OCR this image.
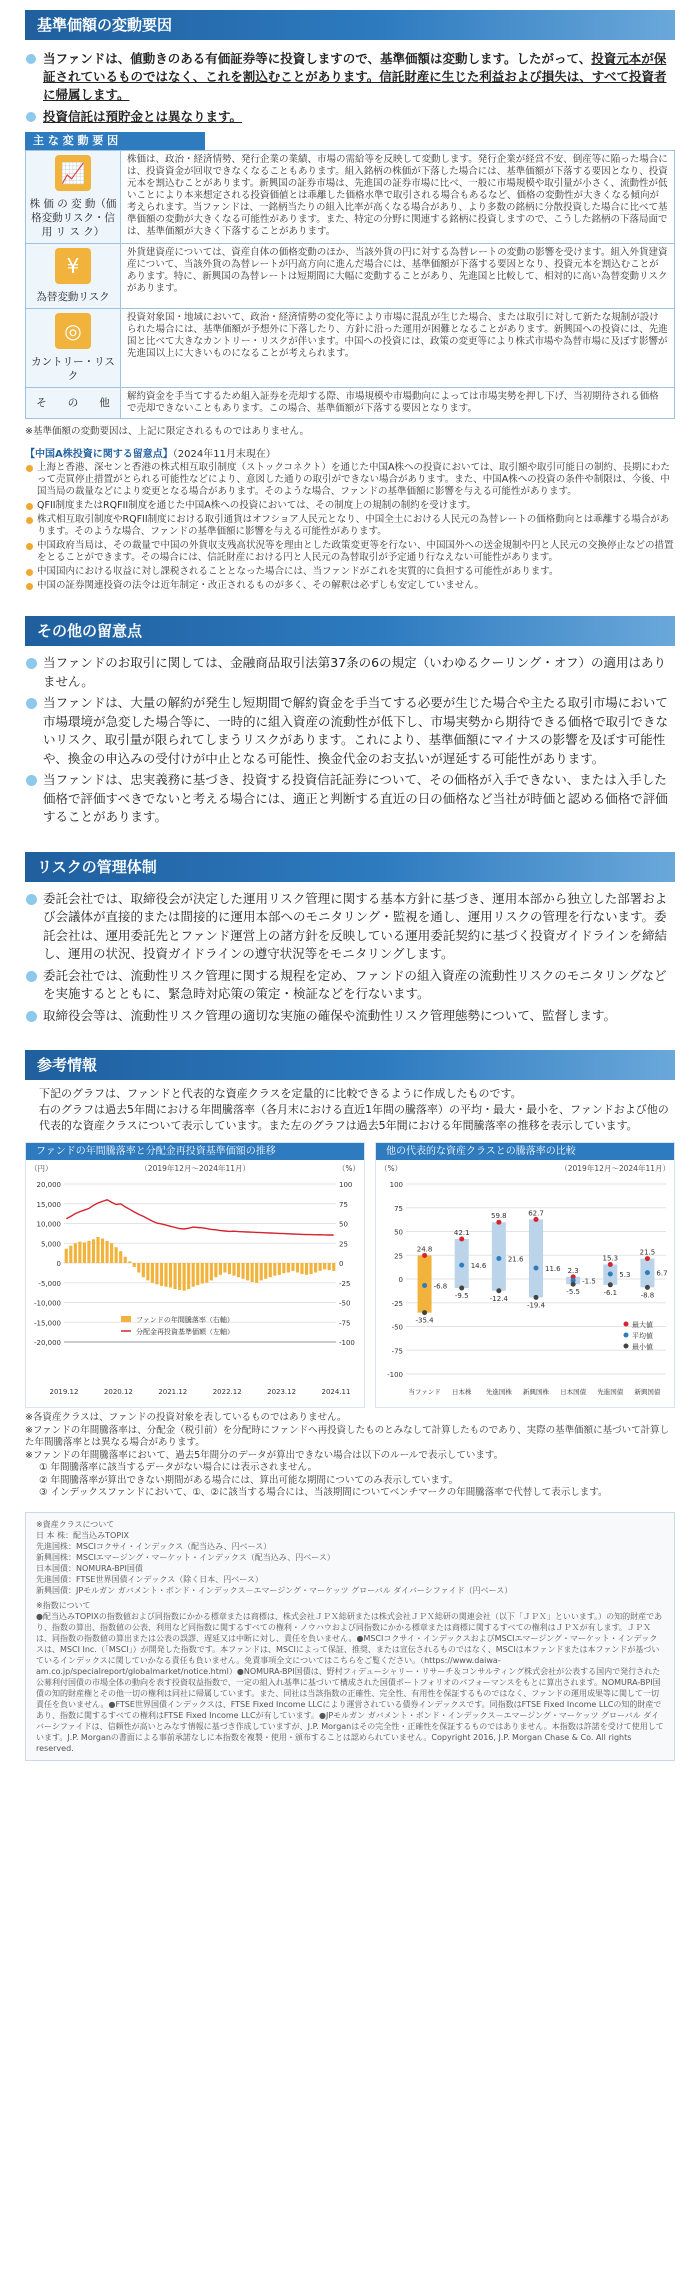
基準価額の変動要因
当ファンドは、値動きのある有価証券等に投資しますので、基準価額は変動します。したがって、投資元本が保証されているものではなく、これを割込むことがあります。信託財産に生じた利益および損失は、すべて投資者に帰属します。
投資信託は預貯金とは異なります。
主 な 変 動 要 因
📈
株 価 の 変 動（価格変動リスク・信 用 リ ス ク）	株価は、政治・経済情勢、発行企業の業績、市場の需給等を反映して変動します。発行企業が経営不安、倒産等に陥った場合には、投資資金が回収できなくなることもあります。組入銘柄の株価が下落した場合には、基準価額が下落する要因となり、投資元本を割込むことがあります。新興国の証券市場は、先進国の証券市場に比べ、一般に市場規模や取引量が小さく、流動性が低いことにより本来想定される投資価値とは乖離した価格水準で取引される場合もあるなど、価格の変動性が大きくなる傾向が考えられます。当ファンドは、一銘柄当たりの組入比率が高くなる場合があり、より多数の銘柄に分散投資した場合に比べて基準価額の変動が大きくなる可能性があります。また、特定の分野に関連する銘柄に投資しますので、こうした銘柄の下落局面では、基準価額が大きく下落することがあります。

¥
為替変動リスク	外貨建資産については、資産自体の価格変動のほか、当該外貨の円に対する為替レートの変動の影響を受けます。組入外貨建資産について、当該外貨の為替レートが円高方向に進んだ場合には、基準価額が下落する要因となり、投資元本を割込むことがあります。特に、新興国の為替レートは短期間に大幅に変動することがあり、先進国と比較して、相対的に高い為替変動リスクがあります。

◎
カントリー・リスク	投資対象国・地域において、政治・経済情勢の変化等により市場に混乱が生じた場合、または取引に対して新たな規制が設けられた場合には、基準価額が予想外に下落したり、方針に沿った運用が困難となることがあります。新興国への投資には、先進国と比べて大きなカントリー・リスクが伴います。中国への投資には、政策の変更等により株式市場や為替市場に及ぼす影響が先進国以上に大きいものになることが考えられます。

そ　　の　　他	解約資金を手当てするため組入証券を売却する際、市場規模や市場動向によっては市場実勢を押し下げ、当初期待される価格で売却できないこともあります。この場合、基準価額が下落する要因となります。
※基準価額の変動要因は、上記に限定されるものではありません。
【中国A株投資に関する留意点】（2024年11月末現在）
上海と香港、深センと香港の株式相互取引制度（ストックコネクト）を通じた中国A株への投資においては、取引額や取引可能日の制約、長期にわたって売買停止措置がとられる可能性などにより、意図した通りの取引ができない場合があります。また、中国A株への投資の条件や制限は、今後、中国当局の裁量などにより変更となる場合があります。そのような場合、ファンドの基準価額に影響を与える可能性があります。
QFII制度またはRQFII制度を通じた中国A株への投資においては、その制度上の規制の制約を受けます。
株式相互取引制度やRQFII制度における取引通貨はオフショア人民元となり、中国全土における人民元の為替レートの価格動向とは乖離する場合があります。そのような場合、ファンドの基準価額に影響を与える可能性があります。
中国政府当局は、その裁量で中国の外貨収支残高状況等を理由とした政策変更等を行ない、中国国外への送金規制や円と人民元の交換停止などの措置をとることができます。その場合には、信託財産における円と人民元の為替取引が予定通り行なえない可能性があります。
中国国内における収益に対し課税されることとなった場合には、当ファンドがこれを実質的に負担する可能性があります。
中国の証券関連投資の法令は近年制定・改正されるものが多く、その解釈は必ずしも安定していません。
その他の留意点
当ファンドのお取引に関しては、金融商品取引法第37条の6の規定（いわゆるクーリング・オフ）の適用はありません。
当ファンドは、大量の解約が発生し短期間で解約資金を手当てする必要が生じた場合や主たる取引市場において市場環境が急変した場合等に、一時的に組入資産の流動性が低下し、市場実勢から期待できる価格で取引できないリスク、取引量が限られてしまうリスクがあります。これにより、基準価額にマイナスの影響を及ぼす可能性や、換金の申込みの受付けが中止となる可能性、換金代金のお支払いが遅延する可能性があります。
当ファンドは、忠実義務に基づき、投資する投資信託証券について、その価格が入手できない、または入手した価格で評価すべきでないと考える場合には、適正と判断する直近の日の価格など当社が時価と認める価格で評価することがあります。
リスクの管理体制
委託会社では、取締役会が決定した運用リスク管理に関する基本方針に基づき、運用本部から独立した部署および会議体が直接的または間接的に運用本部へのモニタリング・監視を通し、運用リスクの管理を行ないます。委託会社は、運用委託先とファンド運営上の諸方針を反映している運用委託契約に基づく投資ガイドラインを締結し、運用の状況、投資ガイドラインの遵守状況等をモニタリングします。
委託会社では、流動性リスク管理に関する規程を定め、ファンドの組入資産の流動性リスクのモニタリングなどを実施するとともに、緊急時対応策の策定・検証などを行ないます。
取締役会等は、流動性リスク管理の適切な実施の確保や流動性リスク管理態勢について、監督します。
参考情報
下記のグラフは、ファンドと代表的な資産クラスを定量的に比較できるように作成したものです。
右のグラフは過去5年間における年間騰落率（各月末における直近1年間の騰落率）の平均・最大・最小を、ファンドおよび他の代表的な資産クラスについて表示しています。また左のグラフは過去5年間における年間騰落率の推移を表示しています。
ファンドの年間騰落率と分配金再投資基準価額の推移
（円）	（2019年12月～2024年11月）	（%）
20,000
15,000
10,000
5,000
0
-5,000
-10,000
-15,000
-20,000
100
75
50
25
0
-25
-50
-75
-100
2019.12	2020.12	2021.12	2022.12	2023.12	2024.11
ファンドの年間騰落率（右軸）
分配金再投資基準価額（左軸）
他の代表的な資産クラスとの騰落率の比較
（%）	（2019年12月～2024年11月）
100
75
50
25
0
-25
-50
-75
-100
24.8
-6.8
-35.4
当ファンド
42.1
14.6
-9.5
日本株
59.8
21.6
-12.4
先進国株
62.7
11.6
-19.4
新興国株
2.3
-1.5
-5.5
日本国債
15.3
5.3
-6.1
先進国債
21.5
6.7
-8.8
新興国債
最大値
平均値
最小値
※各資産クラスは、ファンドの投資対象を表しているものではありません。
※ファンドの年間騰落率は、分配金（税引前）を分配時にファンドへ再投資したものとみなして計算したものであり、実際の基準価額に基づいて計算した年間騰落率とは異なる場合があります。
※ファンドの年間騰落率において、過去5年間分のデータが算出できない場合は以下のルールで表示しています。
① 年間騰落率に該当するデータがない場合には表示されません。
② 年間騰落率が算出できない期間がある場合には、算出可能な期間についてのみ表示しています。
③ インデックスファンドにおいて、①、②に該当する場合には、当該期間についてベンチマークの年間騰落率で代替して表示します。
※資産クラスについて
日 本 株：配当込みTOPIX
先進国株：MSCIコクサイ・インデックス（配当込み、円ベース）
新興国株：MSCIエマージング・マーケット・インデックス（配当込み、円ベース）
日本国債：NOMURA-BPI国債
先進国債：FTSE世界国債インデックス（除く日本、円ベース）
新興国債：JPモルガン ガバメント・ボンド・インデックス－エマージング・マーケッツ グローバル ダイバーシファイド（円ベース）
※指数について
●配当込みTOPIXの指数値および同指数にかかる標章または商標は、株式会社ＪＰＸ総研または株式会社ＪＰＸ総研の関連会社（以下「ＪＰＸ」といいます。）の知的財産であり、指数の算出、指数値の公表、利用など同指数に関するすべての権利・ノウハウおよび同指数にかかる標章または商標に関するすべての権利はＪＰＸが有します。ＪＰＸは、同指数の指数値の算出または公表の誤謬、遅延又は中断に対し、責任を負いません。●MSCIコクサイ・インデックスおよびMSCIエマージング・マーケット・インデックスは、MSCI Inc.（「MSCI」）が開発した指数です。本ファンドは、MSCIによって保証、推奨、または宣伝されるものではなく、MSCIは本ファンドまたは本ファンドが基づいているインデックスに関していかなる責任も負いません。免責事項全文についてはこちらをご覧ください。（https://www.daiwa-am.co.jp/specialreport/globalmarket/notice.html）●NOMURA-BPI国債は、野村フィデューシャリー・リサーチ＆コンサルティング株式会社が公表する国内で発行された公募利付国債の市場全体の動向を表す投資収益指数で、一定の組入れ基準に基づいて構成された国債ポートフォリオのパフォーマンスをもとに算出されます。NOMURA-BPI国債の知的財産権とその他一切の権利は同社に帰属しています。また、同社は当該指数の正確性、完全性、有用性を保証するものではなく、ファンドの運用成果等に関して一切責任を負いません。●FTSE世界国債インデックスは、FTSE Fixed Income LLCにより運営されている債券インデックスです。同指数はFTSE Fixed Income LLCの知的財産であり、指数に関するすべての権利はFTSE Fixed Income LLCが有しています。●JPモルガン ガバメント・ボンド・インデックス－エマージング・マーケッツ グローバル ダイバーシファイドは、信頼性が高いとみなす情報に基づき作成していますが、J.P. Morganはその完全性・正確性を保証するものではありません。本指数は許諾を受けて使用しています。J.P. Morganの書面による事前承諾なしに本指数を複製・使用・頒布することは認められていません。Copyright 2016, J.P. Morgan Chase & Co. All rights reserved.
